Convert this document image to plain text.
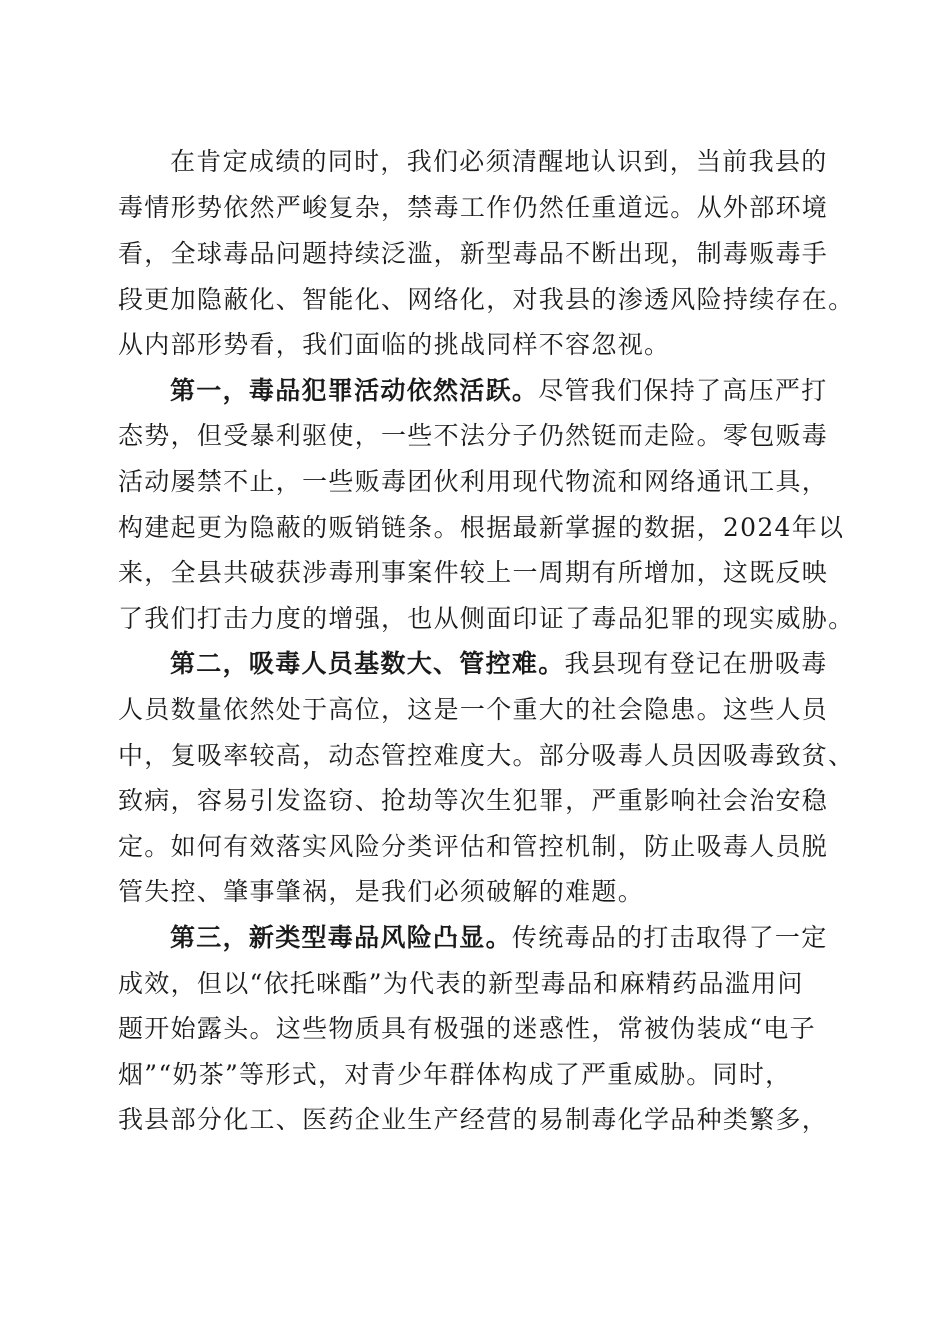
在肯定成绩的同时，我们必须清醒地认识到，当前我县的
毒情形势依然严峻复杂，禁毒工作仍然任重道远。从外部环境
看，全球毒品问题持续泛滥，新型毒品不断出现，制毒贩毒手
段更加隐蔽化、智能化、网络化，对我县的渗透风险持续存在。
从内部形势看，我们面临的挑战同样不容忽视。
第一，毒品犯罪活动依然活跃。尽管我们保持了高压严打
态势，但受暴利驱使，一些不法分子仍然铤而走险。零包贩毒
活动屡禁不止，一些贩毒团伙利用现代物流和网络通讯工具，
构建起更为隐蔽的贩销链条。根据最新掌握的数据，2024年以
来，全县共破获涉毒刑事案件较上一周期有所增加，这既反映
了我们打击力度的增强，也从侧面印证了毒品犯罪的现实威胁。
第二，吸毒人员基数大、管控难。我县现有登记在册吸毒
人员数量依然处于高位，这是一个重大的社会隐患。这些人员
中，复吸率较高，动态管控难度大。部分吸毒人员因吸毒致贫、
致病，容易引发盗窃、抢劫等次生犯罪，严重影响社会治安稳
定。如何有效落实风险分类评估和管控机制，防止吸毒人员脱
管失控、肇事肇祸，是我们必须破解的难题。
第三，新类型毒品风险凸显。传统毒品的打击取得了一定
成效，但以“依托咪酯”为代表的新型毒品和麻精药品滥用问
题开始露头。这些物质具有极强的迷惑性，常被伪装成“电子
烟”“奶茶”等形式，对青少年群体构成了严重威胁。同时，
我县部分化工、医药企业生产经营的易制毒化学品种类繁多，
